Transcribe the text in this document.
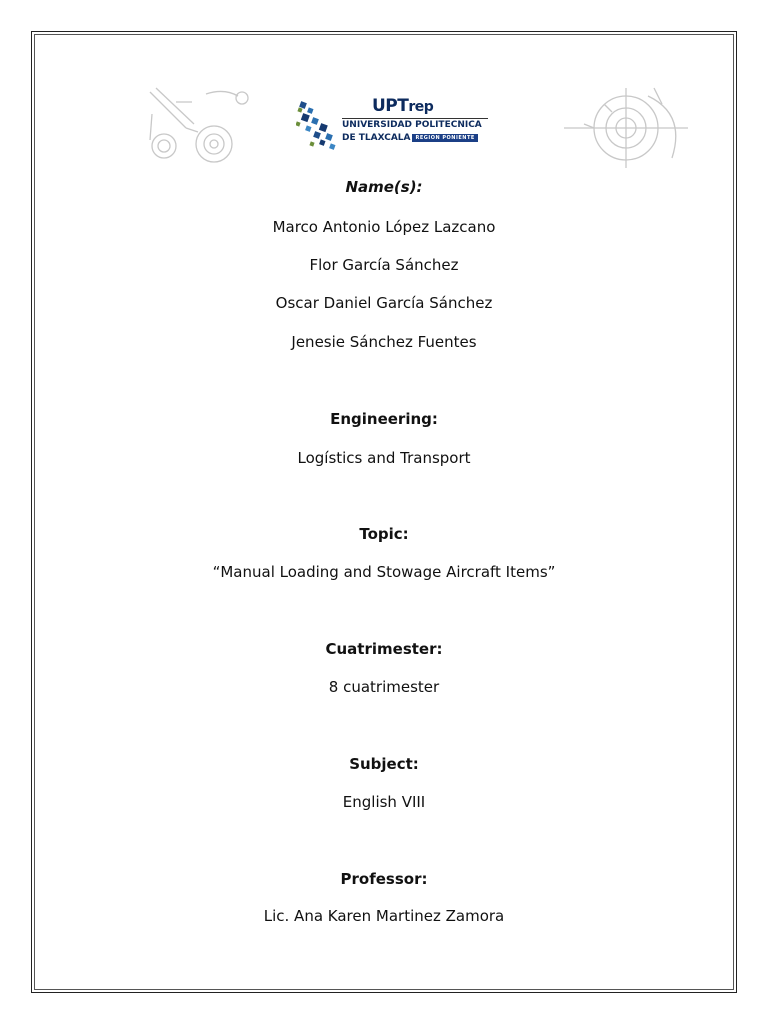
UPTrep
UNIVERSIDAD POLITECNICA
DE TLAXCALA REGION PONIENTE
Name(s):
Marco Antonio López Lazcano
Flor García Sánchez
Oscar Daniel García Sánchez
Jenesie Sánchez Fuentes
Engineering:
Logístics and Transport
Topic:
“Manual Loading and Stowage Aircraft Items”
Cuatrimester:
8 cuatrimester
Subject:
English VIII
Professor:
Lic. Ana Karen Martinez Zamora
